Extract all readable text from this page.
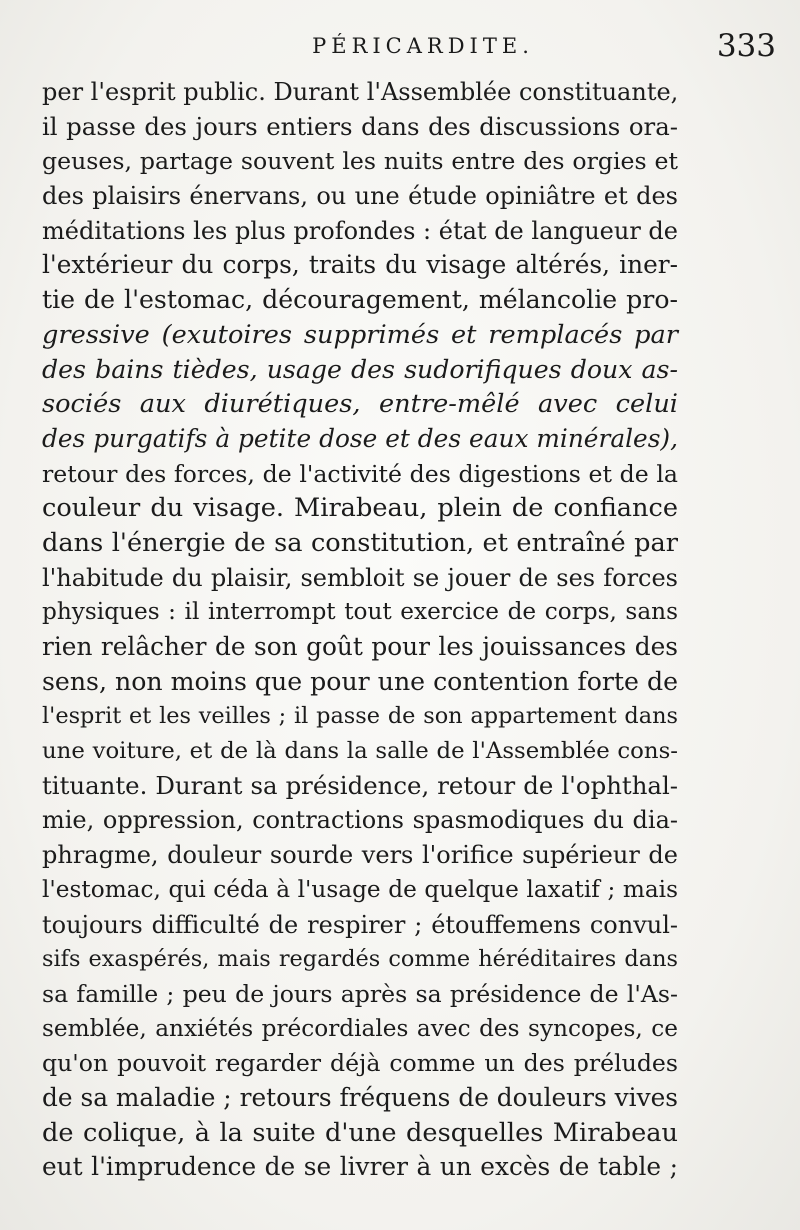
PÉRICARDITE.	333
per l'esprit public. Durant l'Assemblée constituante,
il passe des jours entiers dans des discussions ora-
geuses, partage souvent les nuits entre des orgies et
des plaisirs énervans, ou une étude opiniâtre et des
méditations les plus profondes : état de langueur de
l'extérieur du corps, traits du visage altérés, iner-
tie de l'estomac, découragement, mélancolie pro-
gressive (exutoires supprimés et remplacés par
des bains tièdes, usage des sudorifiques doux as-
sociés aux diurétiques, entre-mêlé avec celui
des purgatifs à petite dose et des eaux minérales),
retour des forces, de l'activité des digestions et de la
couleur du visage. Mirabeau, plein de confiance
dans l'énergie de sa constitution, et entraîné par
l'habitude du plaisir, sembloit se jouer de ses forces
physiques : il interrompt tout exercice de corps, sans
rien relâcher de son goût pour les jouissances des
sens, non moins que pour une contention forte de
l'esprit et les veilles ; il passe de son appartement dans
une voiture, et de là dans la salle de l'Assemblée cons-
tituante. Durant sa présidence, retour de l'ophthal-
mie, oppression, contractions spasmodiques du dia-
phragme, douleur sourde vers l'orifice supérieur de
l'estomac, qui céda à l'usage de quelque laxatif ; mais
toujours difficulté de respirer ; étouffemens convul-
sifs exaspérés, mais regardés comme héréditaires dans
sa famille ; peu de jours après sa présidence de l'As-
semblée, anxiétés précordiales avec des syncopes, ce
qu'on pouvoit regarder déjà comme un des préludes
de sa maladie ; retours fréquens de douleurs vives
de colique, à la suite d'une desquelles Mirabeau
eut l'imprudence de se livrer à un excès de table ;
